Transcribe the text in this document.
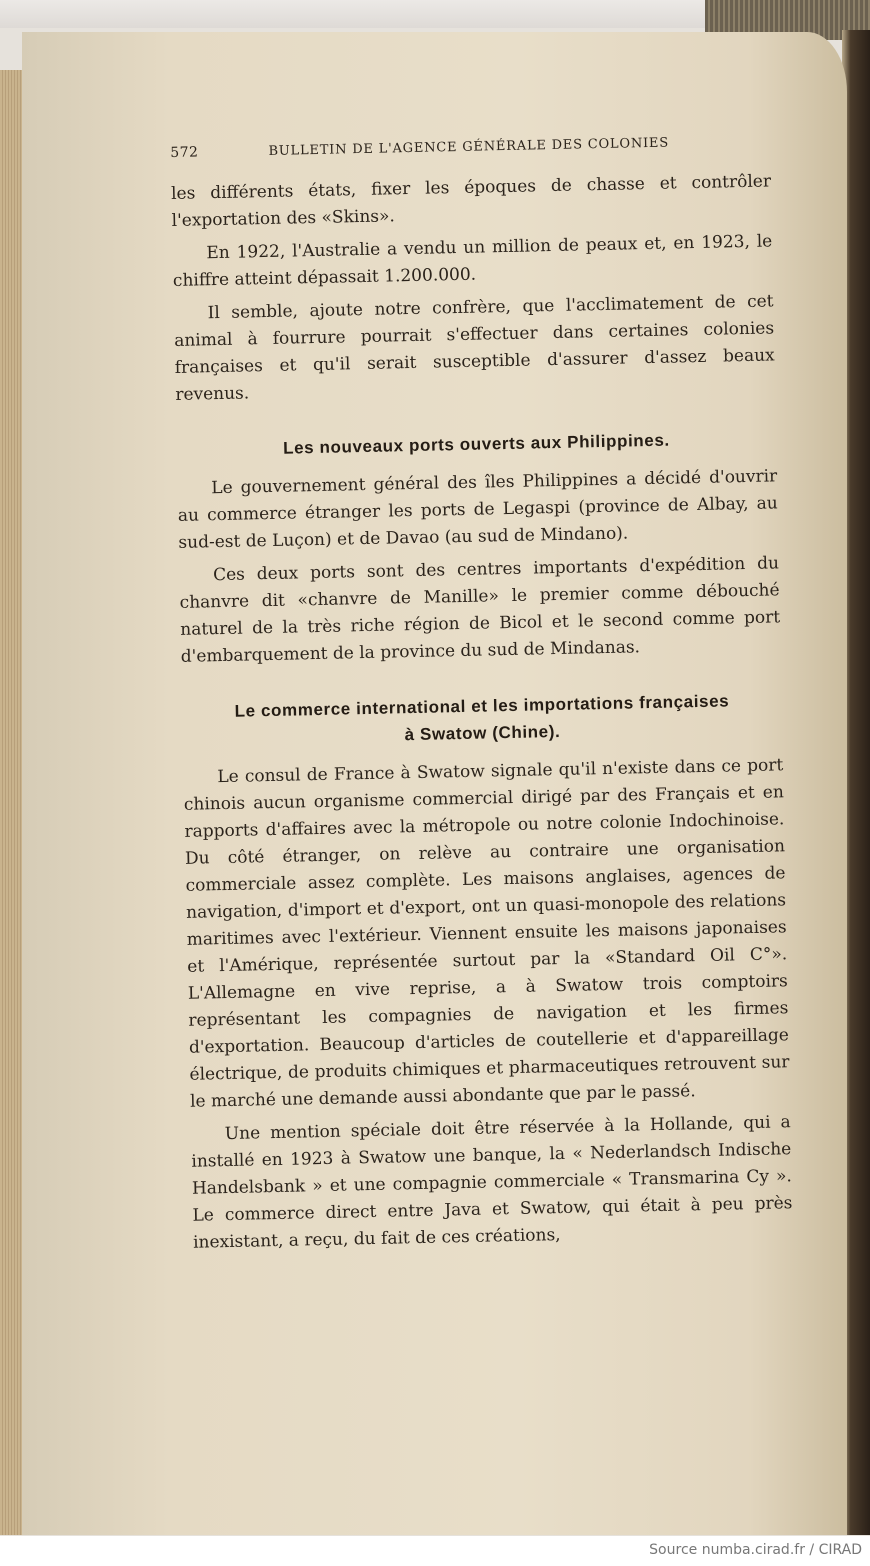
572	BULLETIN DE L'AGENCE GÉNÉRALE DES COLONIES

les différents états, fixer les époques de chasse et contrôler l'exportation des «Skins».

En 1922, l'Australie a vendu un million de peaux et, en 1923, le chiffre atteint dépassait 1.200.000.

Il semble, ajoute notre confrère, que l'acclimatement de cet animal à fourrure pourrait s'effectuer dans certaines colonies françaises et qu'il serait susceptible d'assurer d'assez beaux revenus.

Les nouveaux ports ouverts aux Philippines.

Le gouvernement général des îles Philippines a décidé d'ouvrir au commerce étranger les ports de Legaspi (province de Albay, au sud-est de Luçon) et de Davao (au sud de Mindano).

Ces deux ports sont des centres importants d'expédition du chanvre dit «chanvre de Manille» le premier comme débouché naturel de la très riche région de Bicol et le second comme port d'embarquement de la province du sud de Mindanas.

Le commerce international et les importations françaises
à Swatow (Chine).

Le consul de France à Swatow signale qu'il n'existe dans ce port chinois aucun organisme commercial dirigé par des Français et en rapports d'affaires avec la métropole ou notre colonie Indochinoise. Du côté étranger, on relève au contraire une organisation commerciale assez complète. Les maisons anglaises, agences de navigation, d'import et d'export, ont un quasi-monopole des relations maritimes avec l'extérieur. Viennent ensuite les maisons japonaises et l'Amérique, représentée surtout par la «Standard Oil C°». L'Allemagne en vive reprise, a à Swatow trois comptoirs représentant les compagnies de navigation et les firmes d'exportation. Beaucoup d'articles de coutellerie et d'appareillage électrique, de produits chimiques et pharmaceutiques retrouvent sur le marché une demande aussi abondante que par le passé.

Une mention spéciale doit être réservée à la Hollande, qui a installé en 1923 à Swatow une banque, la « Nederlandsch Indische Handelsbank » et une compagnie commerciale « Transmarina Cy ». Le commerce direct entre Java et Swatow, qui était à peu près inexistant, a reçu, du fait de ces créations,

Source numba.cirad.fr / CIRAD
